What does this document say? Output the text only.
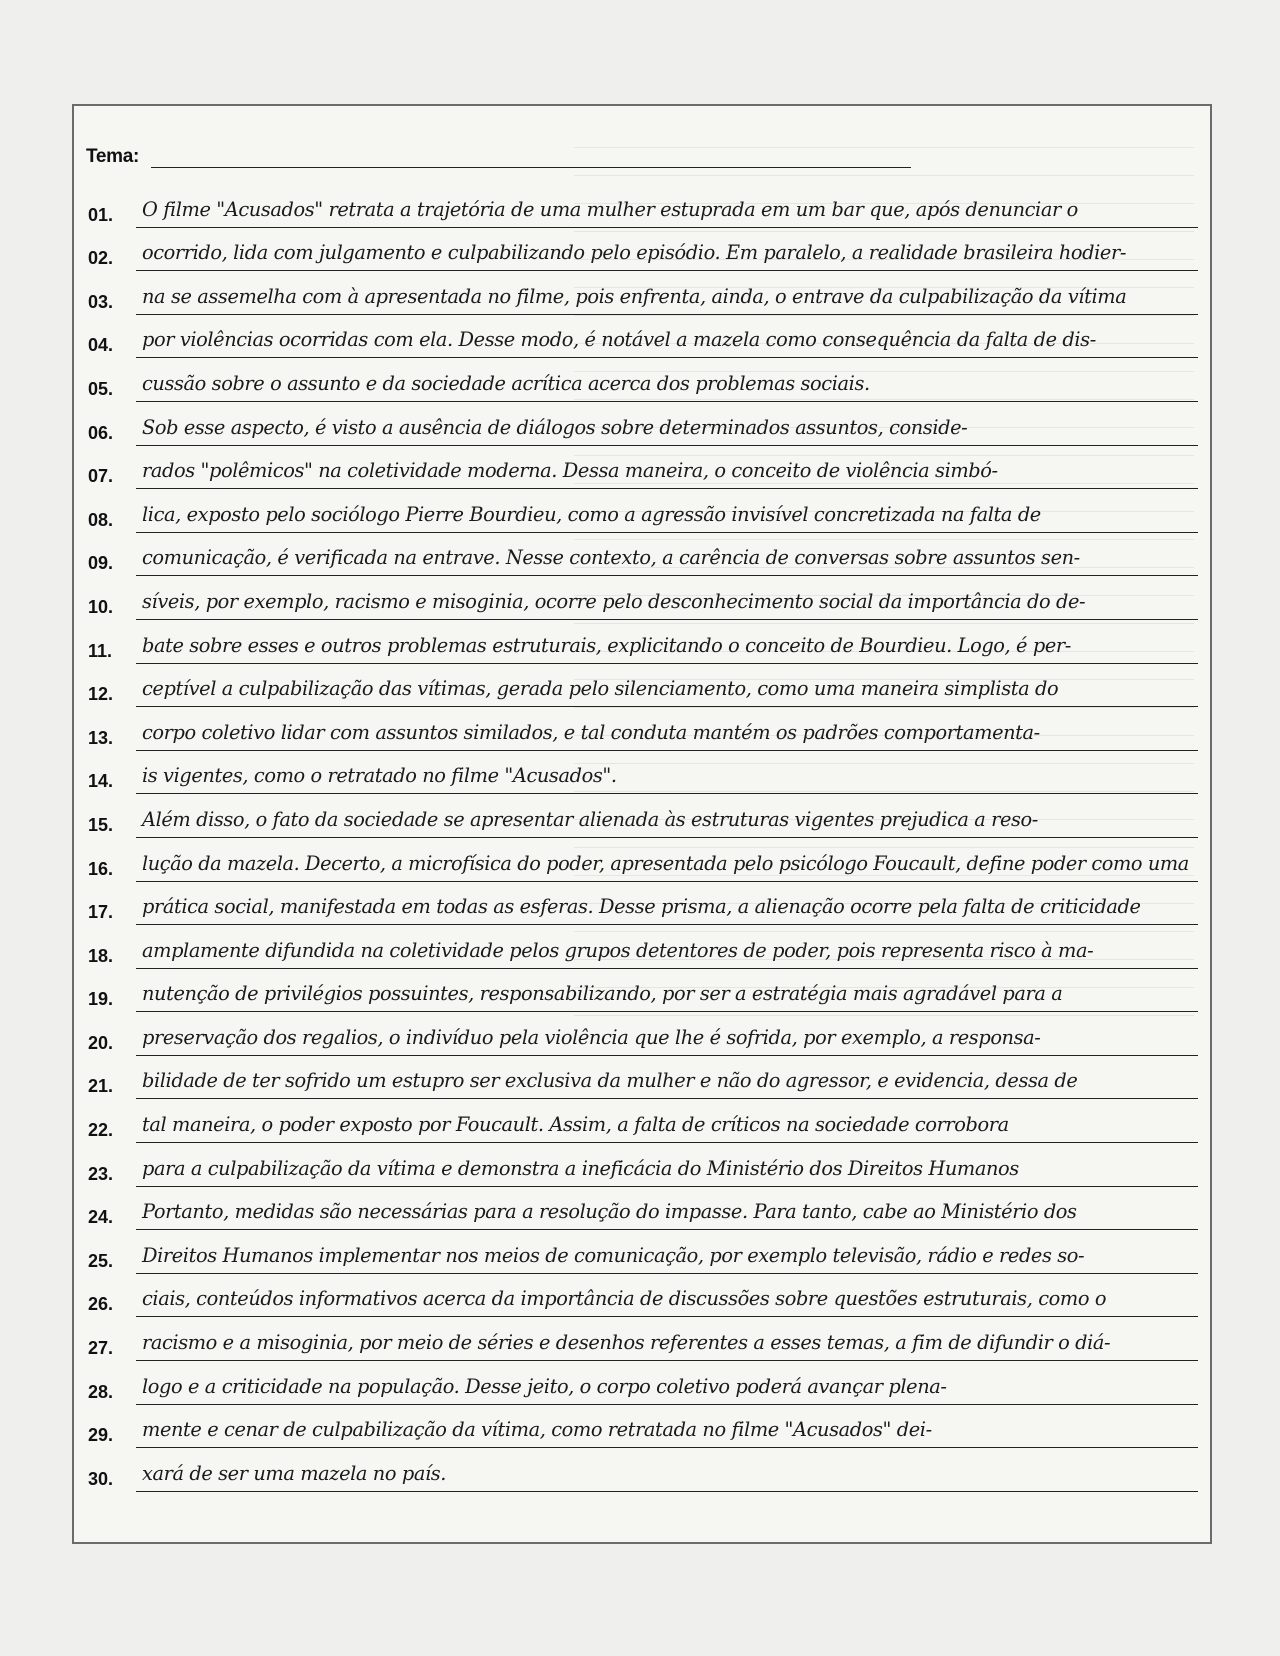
Tema:
01.	O filme "Acusados" retrata a trajetória de uma mulher estuprada em um bar que, após denunciar o
02.	ocorrido, lida com julgamento e culpabilizando pelo episódio. Em paralelo, a realidade brasileira hodier-
03.	na se assemelha com à apresentada no filme, pois enfrenta, ainda, o entrave da culpabilização da vítima
04.	por violências ocorridas com ela. Desse modo, é notável a mazela como consequência da falta de dis-
05.	cussão sobre o assunto e da sociedade acrítica acerca dos problemas sociais.
06.	Sob esse aspecto, é visto a ausência de diálogos sobre determinados assuntos, conside-
07.	rados "polêmicos" na coletividade moderna. Dessa maneira, o conceito de violência simbó-
08.	lica, exposto pelo sociólogo Pierre Bourdieu, como a agressão invisível concretizada na falta de
09.	comunicação, é verificada na entrave. Nesse contexto, a carência de conversas sobre assuntos sen-
10.	síveis, por exemplo, racismo e misoginia, ocorre pelo desconhecimento social da importância do de-
11.	bate sobre esses e outros problemas estruturais, explicitando o conceito de Bourdieu. Logo, é per-
12.	ceptível a culpabilização das vítimas, gerada pelo silenciamento, como uma maneira simplista do
13.	corpo coletivo lidar com assuntos similados, e tal conduta mantém os padrões comportamenta-
14.	is vigentes, como o retratado no filme "Acusados".
15.	Além disso, o fato da sociedade se apresentar alienada às estruturas vigentes prejudica a reso-
16.	lução da mazela. Decerto, a microfísica do poder, apresentada pelo psicólogo Foucault, define poder como uma
17.	prática social, manifestada em todas as esferas. Desse prisma, a alienação ocorre pela falta de criticidade
18.	amplamente difundida na coletividade pelos grupos detentores de poder, pois representa risco à ma-
19.	nutenção de privilégios possuintes, responsabilizando, por ser a estratégia mais agradável para a
20.	preservação dos regalios, o indivíduo pela violência que lhe é sofrida, por exemplo, a responsa-
21.	bilidade de ter sofrido um estupro ser exclusiva da mulher e não do agressor, e evidencia, dessa de
22.	tal maneira, o poder exposto por Foucault. Assim, a falta de críticos na sociedade corrobora
23.	para a culpabilização da vítima e demonstra a ineficácia do Ministério dos Direitos Humanos
24.	Portanto, medidas são necessárias para a resolução do impasse. Para tanto, cabe ao Ministério dos
25.	Direitos Humanos implementar nos meios de comunicação, por exemplo televisão, rádio e redes so-
26.	ciais, conteúdos informativos acerca da importância de discussões sobre questões estruturais, como o
27.	racismo e a misoginia, por meio de séries e desenhos referentes a esses temas, a fim de difundir o diá-
28.	logo e a criticidade na população. Desse jeito, o corpo coletivo poderá avançar plena-
29.	mente e cenar de culpabilização da vítima, como retratada no filme "Acusados" dei-
30.	xará de ser uma mazela no país.
